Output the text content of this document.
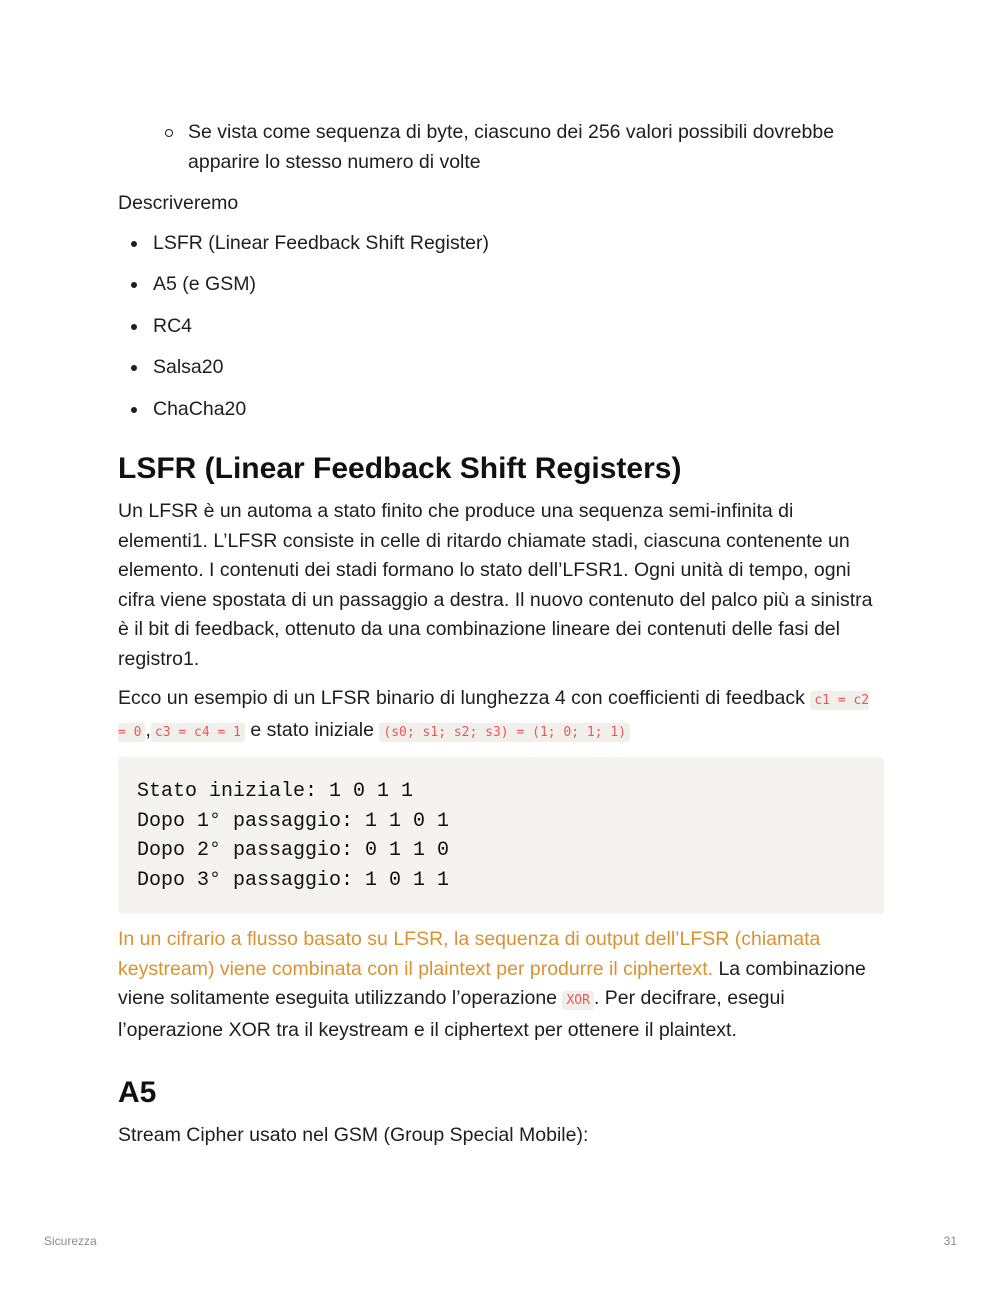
Se vista come sequenza di byte, ciascuno dei 256 valori possibili dovrebbe apparire lo stesso numero di volte

Descriveremo

LSFR (Linear Feedback Shift Register)
A5 (e GSM)
RC4
Salsa20
ChaCha20
LSFR (Linear Feedback Shift Registers)

Un LFSR è un automa a stato finito che produce una sequenza semi-infinita di elementi1. L’LFSR consiste in celle di ritardo chiamate stadi, ciascuna contenente un elemento. I contenuti dei stadi formano lo stato dell’LFSR1. Ogni unità di tempo, ogni cifra viene spostata di un passaggio a destra. Il nuovo contenuto del palco più a sinistra è il bit di feedback, ottenuto da una combinazione lineare dei contenuti delle fasi del registro1.

Ecco un esempio di un LFSR binario di lunghezza 4 con coefficienti di feedback c1 = c2 = 0 , c3 = c4 = 1 e stato iniziale (s0; s1; s2; s3) = (1; 0; 1; 1)

Stato iniziale: 1 0 1 1
Dopo 1° passaggio: 1 1 0 1
Dopo 2° passaggio: 0 1 1 0
Dopo 3° passaggio: 1 0 1 1

In un cifrario a flusso basato su LFSR, la sequenza di output dell’LFSR (chiamata keystream) viene combinata con il plaintext per produrre il ciphertext. La combinazione viene solitamente eseguita utilizzando l’operazione XOR . Per decifrare, esegui l’operazione XOR tra il keystream e il ciphertext per ottenere il plaintext.

A5

Stream Cipher usato nel GSM (Group Special Mobile):

Sicurezza	31
